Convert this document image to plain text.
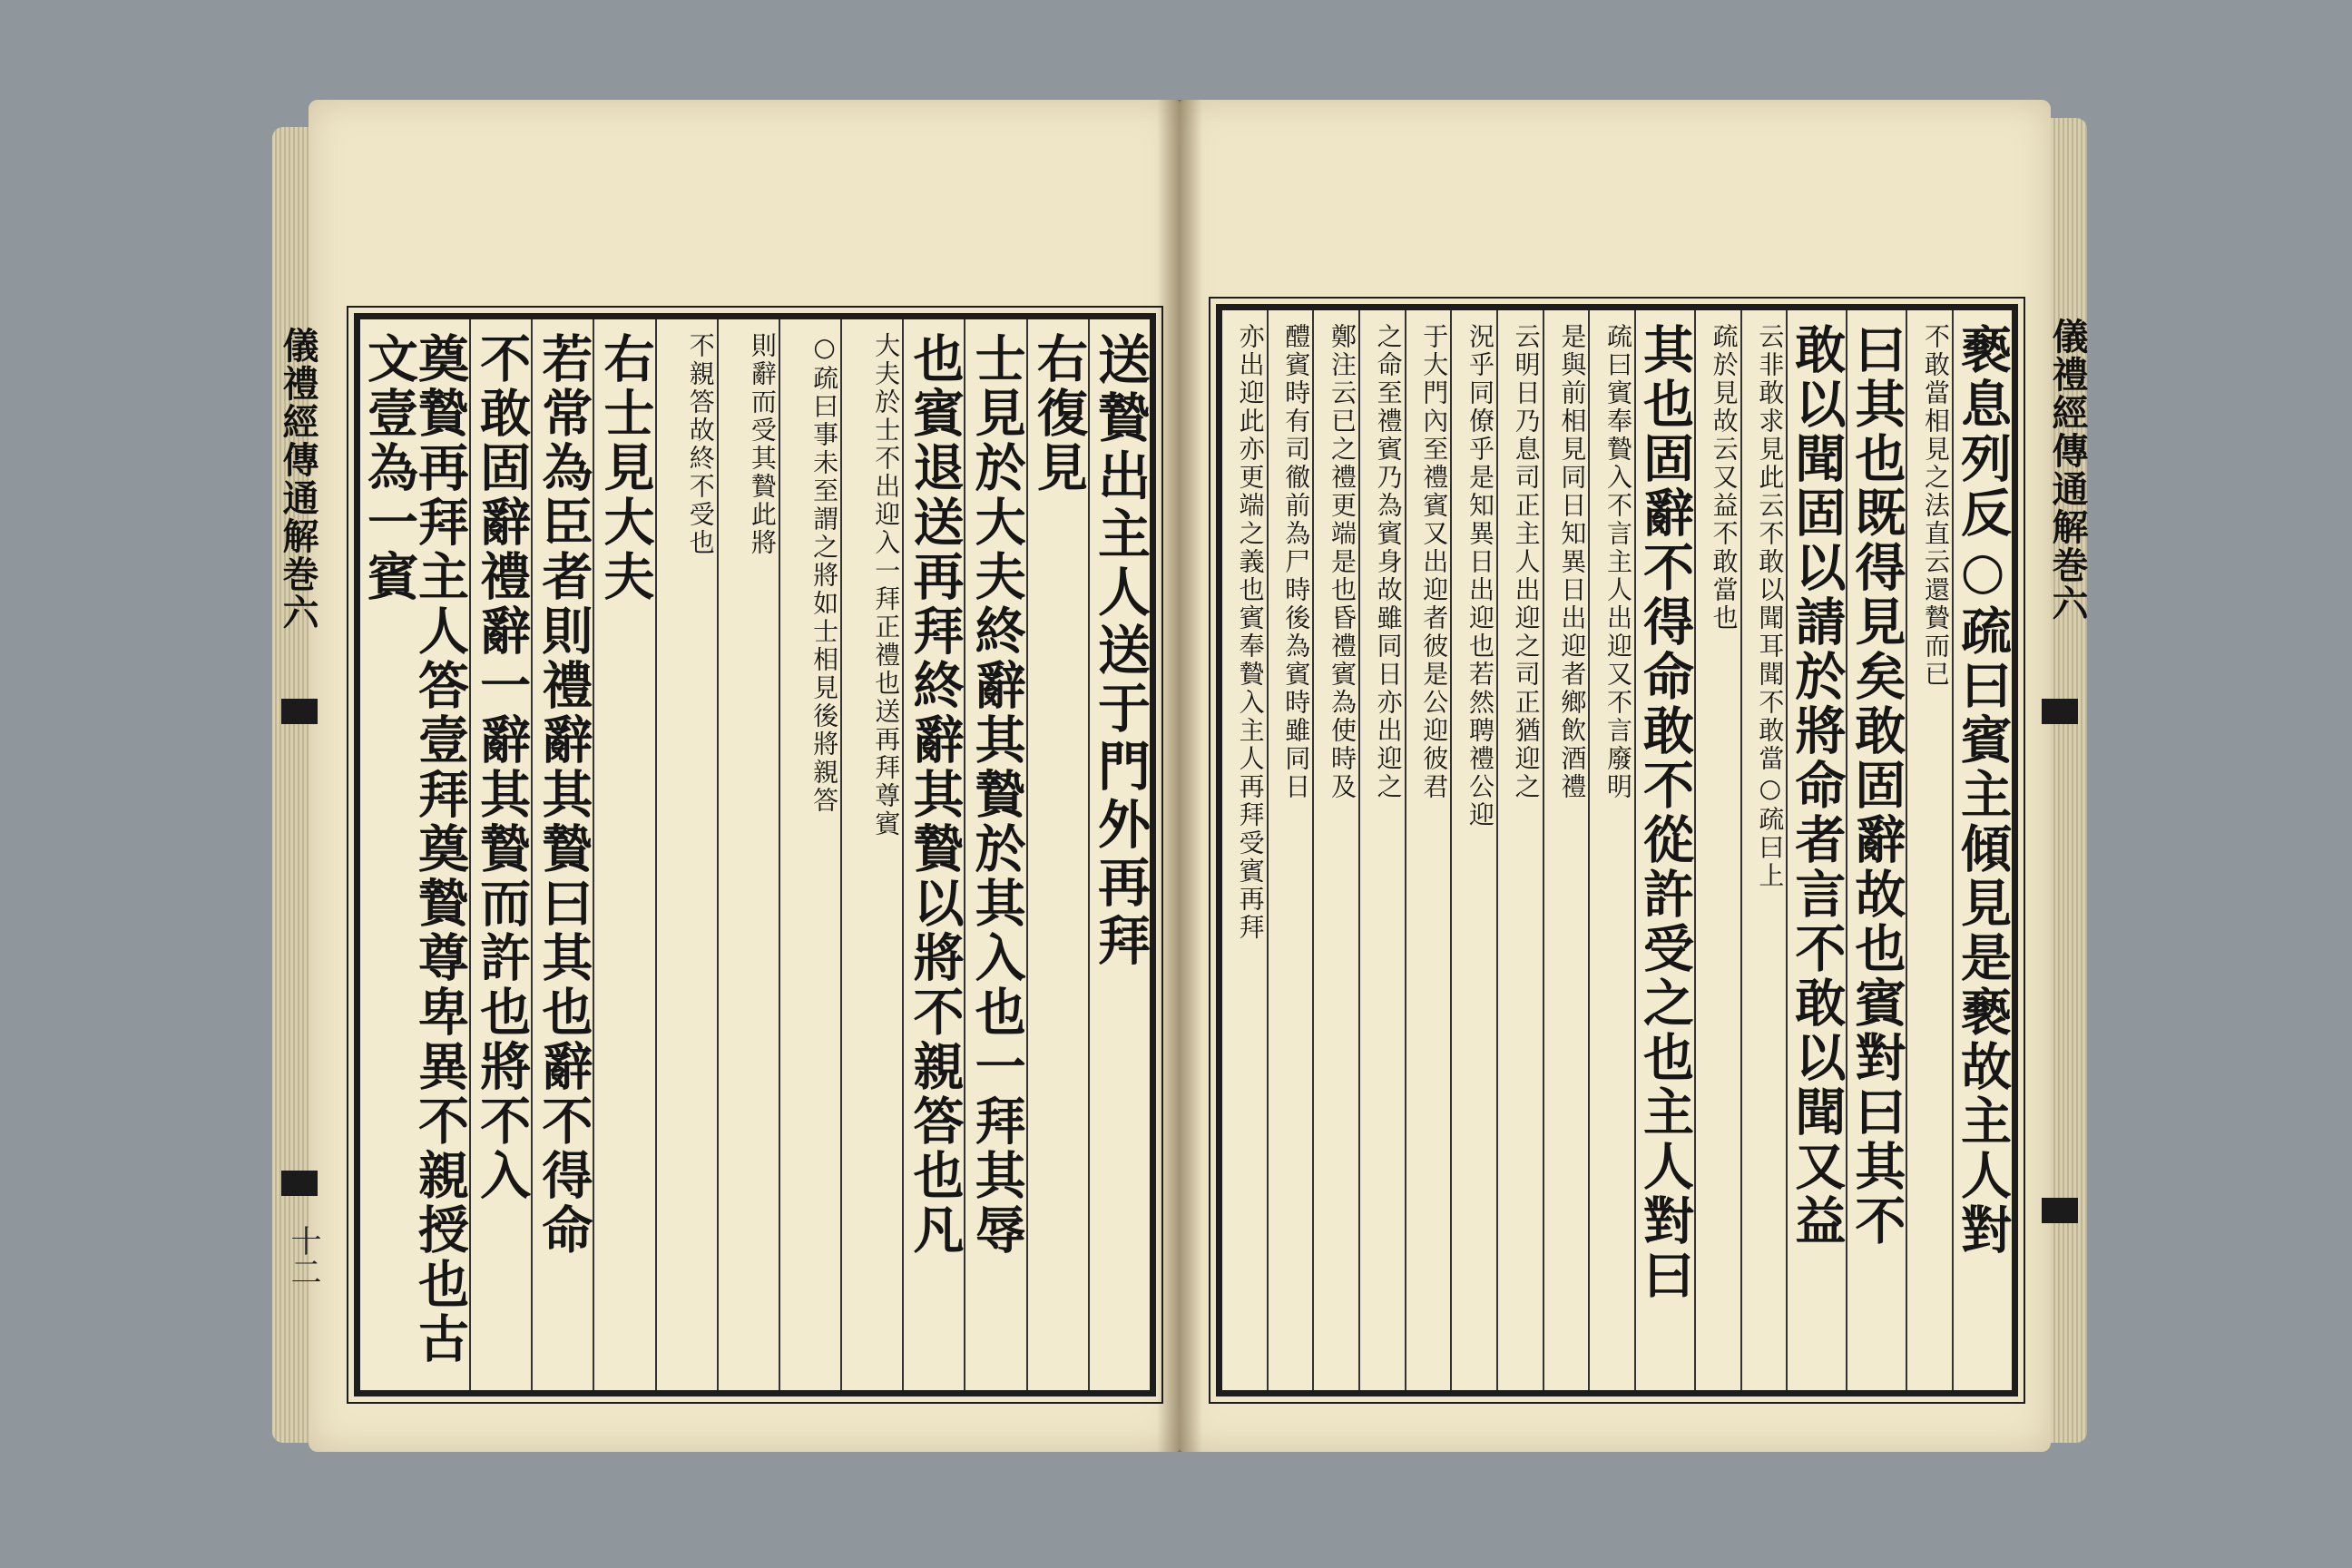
儀禮經傳通解巻六
十二
儀禮經傳通解巻六
送贄出主人送于門外再拜
右復見
士見於大夫終辭其贄於其入也一拜其辱
也賓退送再拜終辭其贄以將不親答也凡
大夫於士不出迎入一拜正禮也送再拜尊賓
○疏曰事未至謂之將如士相見後將親答
則辭而受其贄此將
不親答故終不受也
右士見大夫
若常為臣者則禮辭其贄曰其也辭不得命
不敢固辭禮辭一辭其贄而許也將不入
奠贄再拜主人答壹拜奠贄尊卑異不親授也古文壹為一賓	褻息列反○疏曰賓主傾見是褻故主人對
不敢當相見之法直云還贄而已
曰其也既得見矣敢固辭故也賓對曰其不
敢以聞固以請於將命者言不敢以聞又益
云非敢求見此云不敢以聞耳聞不敢當○疏曰上
疏於見故云又益不敢當也
其也固辭不得命敢不從許受之也主人對曰
疏曰賓奉贄入不言主人出迎又不言廢明
是與前相見同日知異日出迎者鄉飲酒禮
云明日乃息司正主人出迎之司正猶迎之
況乎同僚乎是知異日出迎也若然聘禮公迎
于大門內至禮賓又出迎者彼是公迎彼君
之命至禮賓乃為賓身故雖同日亦出迎之
鄭注云已之禮更端是也昏禮賓為使時及
醴賓時有司徹前為尸時後為賓時雖同日
亦出迎此亦更端之義也賓奉贄入主人再拜受賓再拜
